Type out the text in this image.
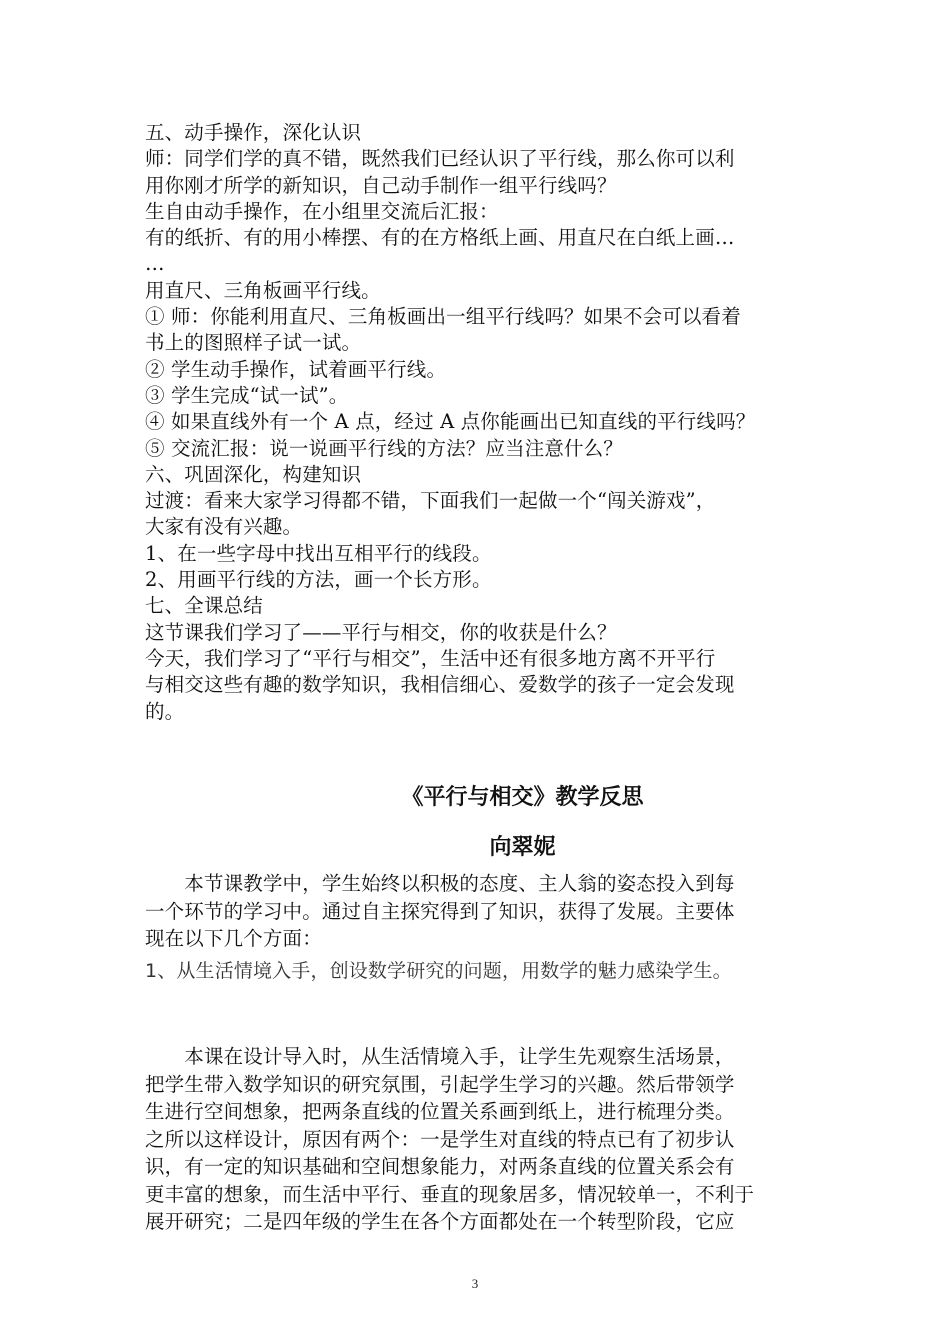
五、动手操作，深化认识
师：同学们学的真不错，既然我们已经认识了平行线，那么你可以利
用你刚才所学的新知识，自己动手制作一组平行线吗？
生自由动手操作，在小组里交流后汇报：
有的纸折、有的用小棒摆、有的在方格纸上画、用直尺在白纸上画…
…
用直尺、三角板画平行线。
① 师：你能利用直尺、三角板画出一组平行线吗？如果不会可以看着
书上的图照样子试一试。
② 学生动手操作，试着画平行线。
③ 学生完成“试一试”。
④ 如果直线外有一个 A 点，经过 A 点你能画出已知直线的平行线吗？
⑤ 交流汇报：说一说画平行线的方法？应当注意什么？
六、巩固深化，构建知识
过渡：看来大家学习得都不错，下面我们一起做一个“闯关游戏”，
大家有没有兴趣。
1、在一些字母中找出互相平行的线段。
2、用画平行线的方法，画一个长方形。
七、全课总结
这节课我们学习了——平行与相交，你的收获是什么？
今天，我们学习了“平行与相交”，生活中还有很多地方离不开平行
与相交这些有趣的数学知识，我相信细心、爱数学的孩子一定会发现
的。
《平行与相交》教学反思
向翠妮
　　本节课教学中，学生始终以积极的态度、主人翁的姿态投入到每
一个环节的学习中。通过自主探究得到了知识，获得了发展。主要体
现在以下几个方面：
1、从生活情境入手，创设数学研究的问题，用数学的魅力感染学生。
　　本课在设计导入时，从生活情境入手，让学生先观察生活场景，
把学生带入数学知识的研究氛围，引起学生学习的兴趣。然后带领学
生进行空间想象，把两条直线的位置关系画到纸上，进行梳理分类。
之所以这样设计，原因有两个：一是学生对直线的特点已有了初步认
识，有一定的知识基础和空间想象能力，对两条直线的位置关系会有
更丰富的想象，而生活中平行、垂直的现象居多，情况较单一，不利于
展开研究；二是四年级的学生在各个方面都处在一个转型阶段，它应
3
